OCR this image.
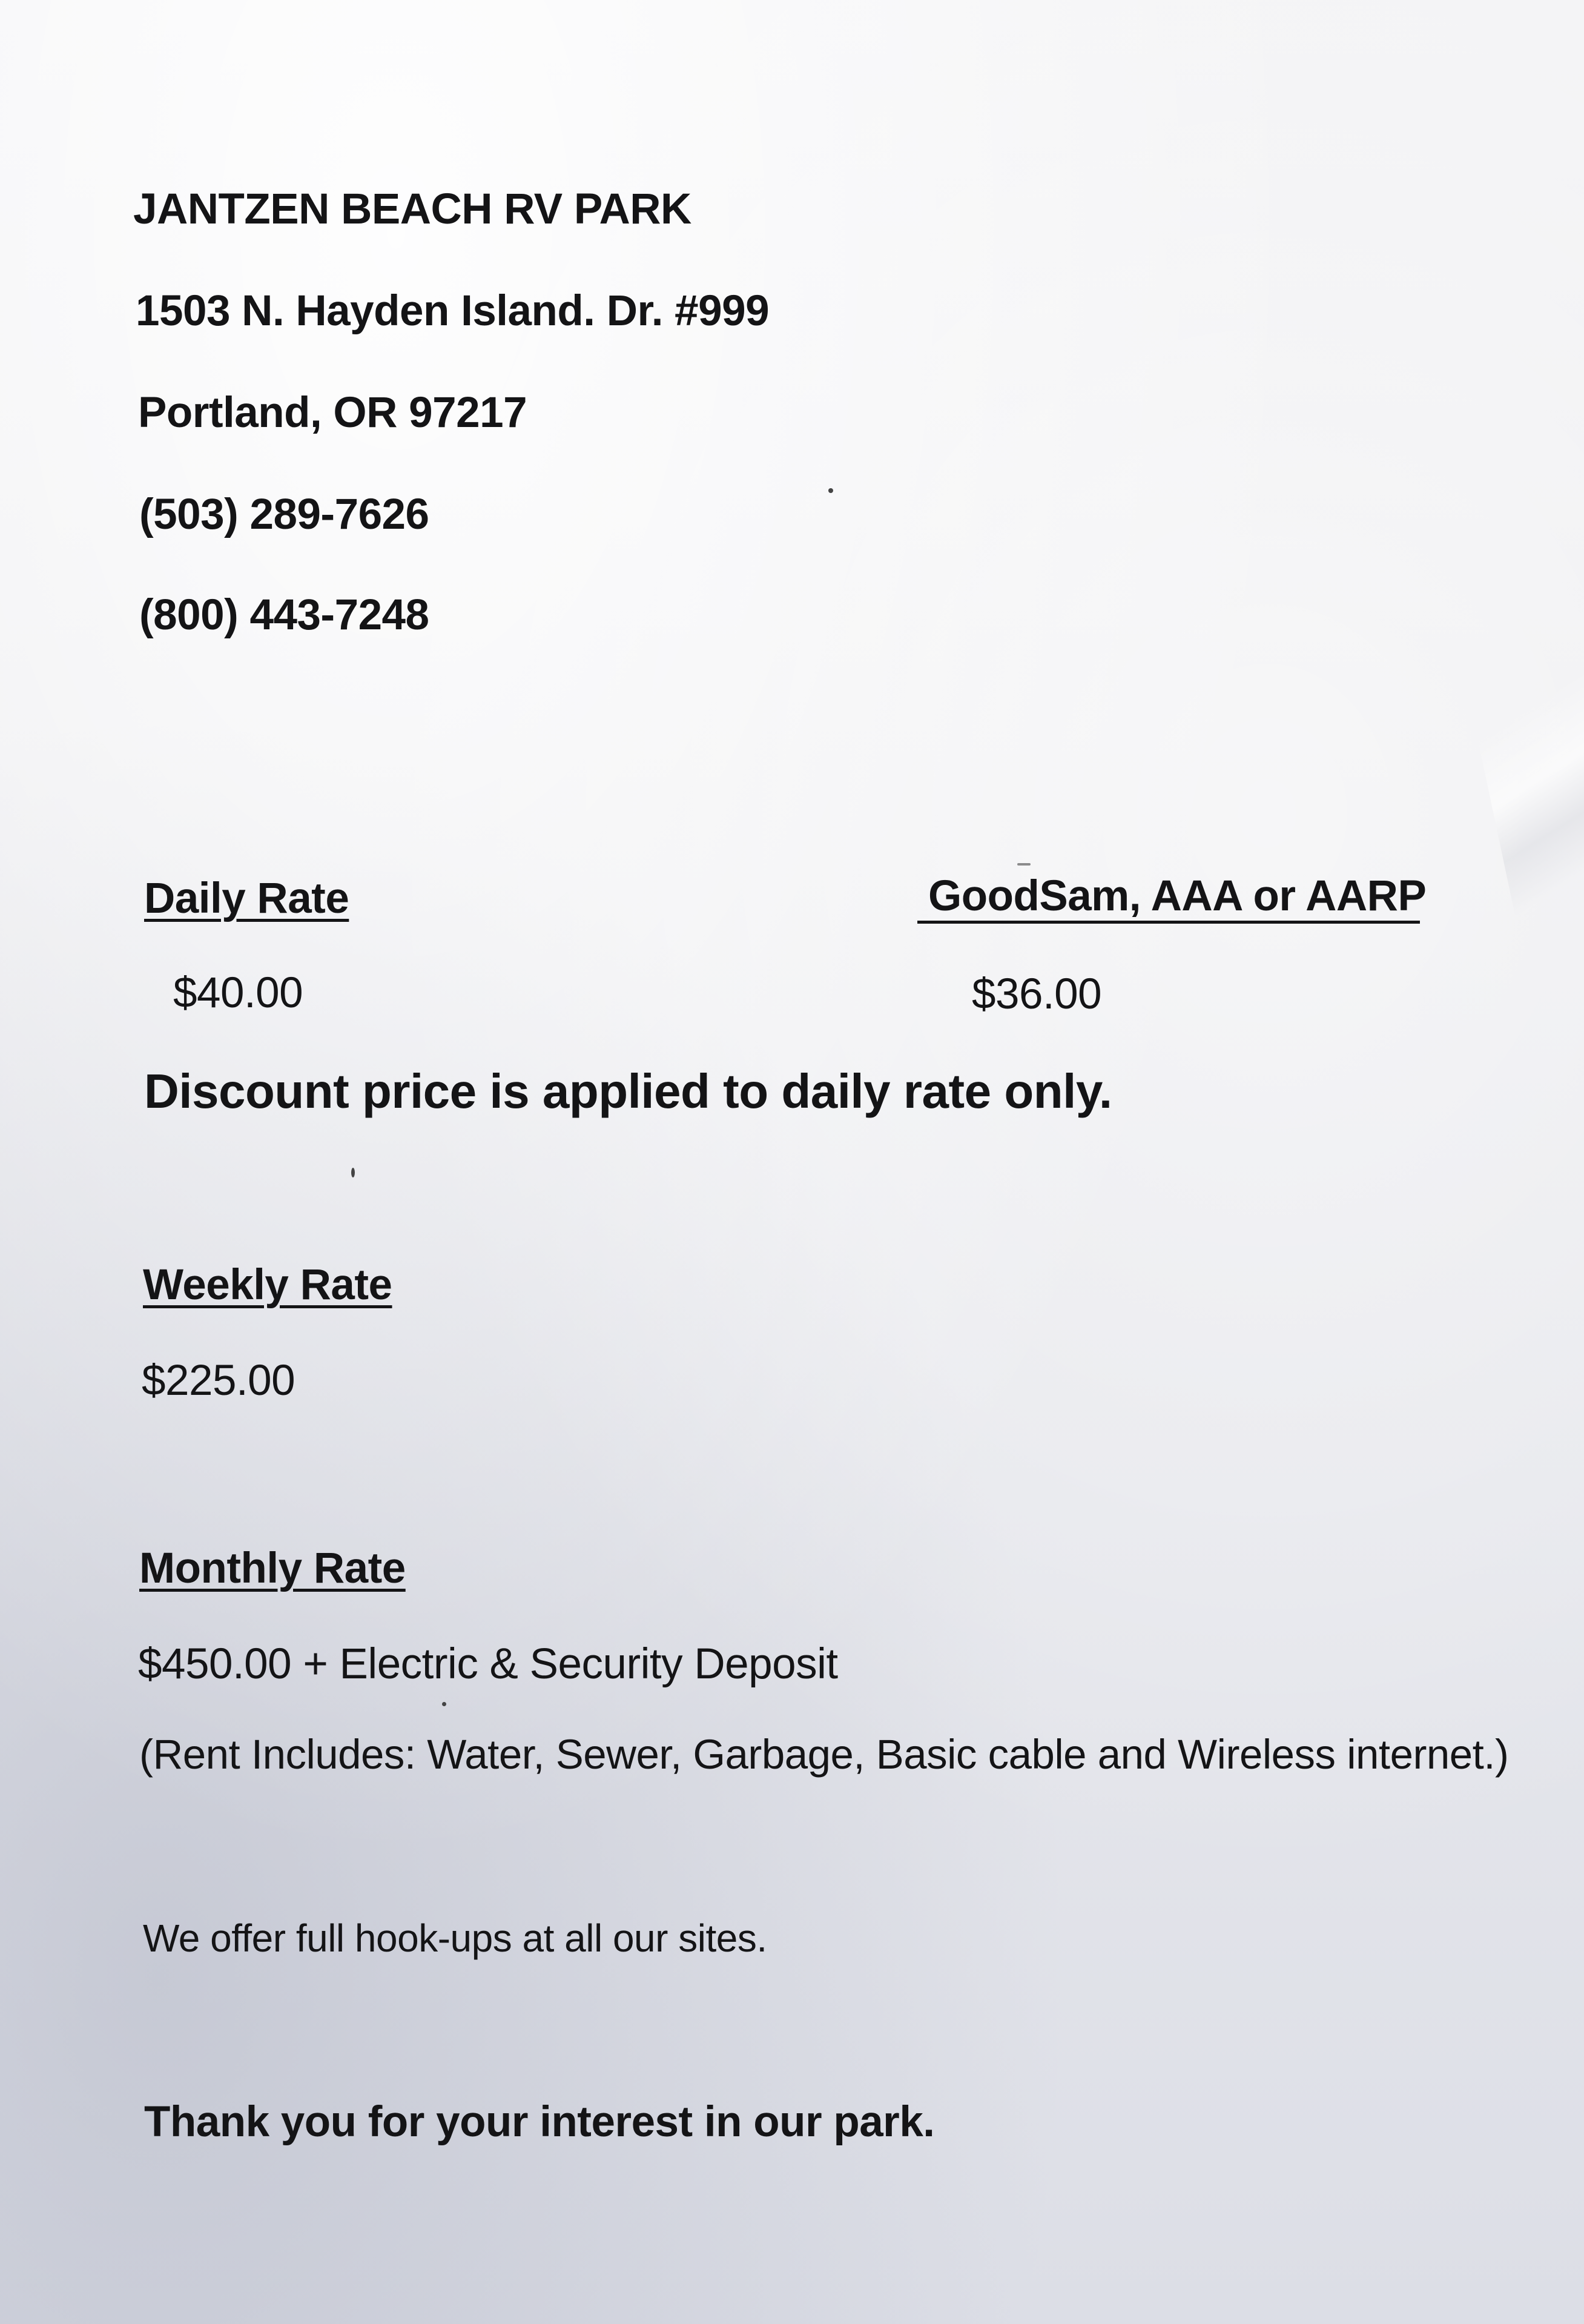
JANTZEN BEACH RV PARK
1503 N. Hayden Island. Dr. #999
Portland, OR 97217
(503) 289-7626
(800) 443-7248
Daily Rate
$40.00
GoodSam, AAA or AARP
$36.00
Discount price is applied to daily rate only.
Weekly Rate
$225.00
Monthly Rate
$450.00 + Electric & Security Deposit
(Rent Includes: Water, Sewer, Garbage, Basic cable and Wireless internet.)
We offer full hook-ups at all our sites.
Thank you for your interest in our park.
